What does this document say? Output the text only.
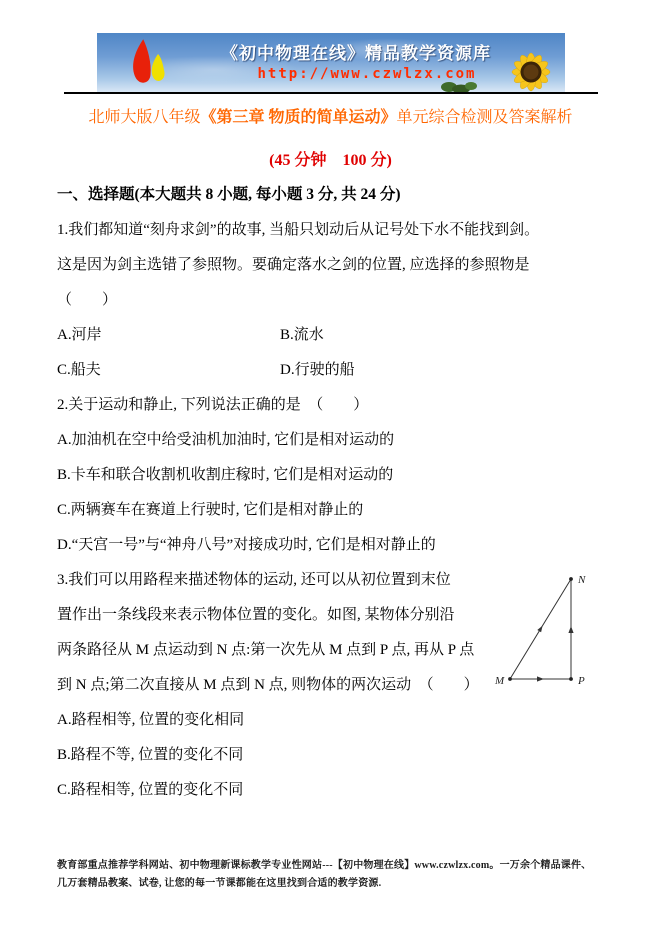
《初中物理在线》精品教学资源库
http://www.czwlzx.com
北师大版八年级《第三章 物质的简单运动》单元综合检测及答案解析
(45 分钟　100 分)
一、选择题(本大题共 8 小题, 每小题 3 分, 共 24 分)
1.我们都知道“刻舟求剑”的故事, 当船只划动后从记号处下水不能找到剑。
这是因为剑主选错了参照物。要确定落水之剑的位置, 应选择的参照物是
（　　）
A.河岸	B.流水
C.船夫	D.行驶的船
2.关于运动和静止, 下列说法正确的是　（　　）
A.加油机在空中给受油机加油时, 它们是相对运动的
B.卡车和联合收割机收割庄稼时, 它们是相对运动的
C.两辆赛车在赛道上行驶时, 它们是相对静止的
D.“天宫一号”与“神舟八号”对接成功时, 它们是相对静止的
3.我们可以用路程来描述物体的运动, 还可以从初位置到末位
置作出一条线段来表示物体位置的变化。如图, 某物体分别沿
两条路径从 M 点运动到 N 点:第一次先从 M 点到 P 点, 再从 P 点
到 N 点;第二次直接从 M 点到 N 点, 则物体的两次运动　（　　）
A.路程相等, 位置的变化相同
B.路程不等, 位置的变化不同
C.路程相等, 位置的变化不同
M
N
P
教育部重点推荐学科网站、初中物理新课标教学专业性网站---【初中物理在线】www.czwlzx.com。一万余个精品课件、
几万套精品教案、试卷, 让您的每一节课都能在这里找到合适的教学资源.
